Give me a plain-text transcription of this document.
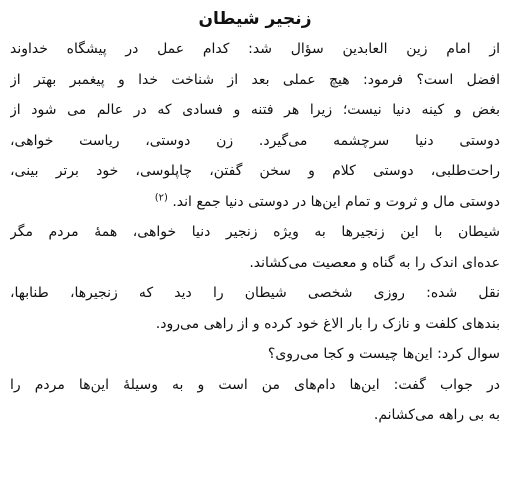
زنجیر شیطان
از امام زین العابدین سؤال شد: کدام عمل در پیشگاه خداوند
افضل است؟ فرمود: هیچ عملی بعد از شناخت خدا و پیغمبر بهتر از
بغض و کینه دنیا نیست؛ زیرا هر فتنه و فسادی که در عالم می شود از
دوستی دنیا سرچشمه می‌گیرد. زن دوستی، ریاست خواهی،
راحت‌طلبی، دوستی کلام و سخن گفتن، چاپلوسی، خود برتر بینی،
دوستی مال و ثروت و تمام این‌ها در دوستی دنیا جمع اند. $^{(۲)}$
شیطان با این زنجیرها به ویژه زنجیر دنیا خواهی، همهٔ مردم مگر
عده‌ای اندک را به گناه و معصیت می‌کشاند.
نقل شده: روزی شخصی شیطان را دید که زنجیرها، طنابها،
بندهای کلفت و نازک را بار الاغ خود کرده و از راهی می‌رود.
سوال کرد: این‌ها چیست و کجا می‌روی؟
در جواب گفت: این‌ها دام‌های من است و به وسیلهٔ این‌ها مردم را
به بی راهه می‌کشانم.
